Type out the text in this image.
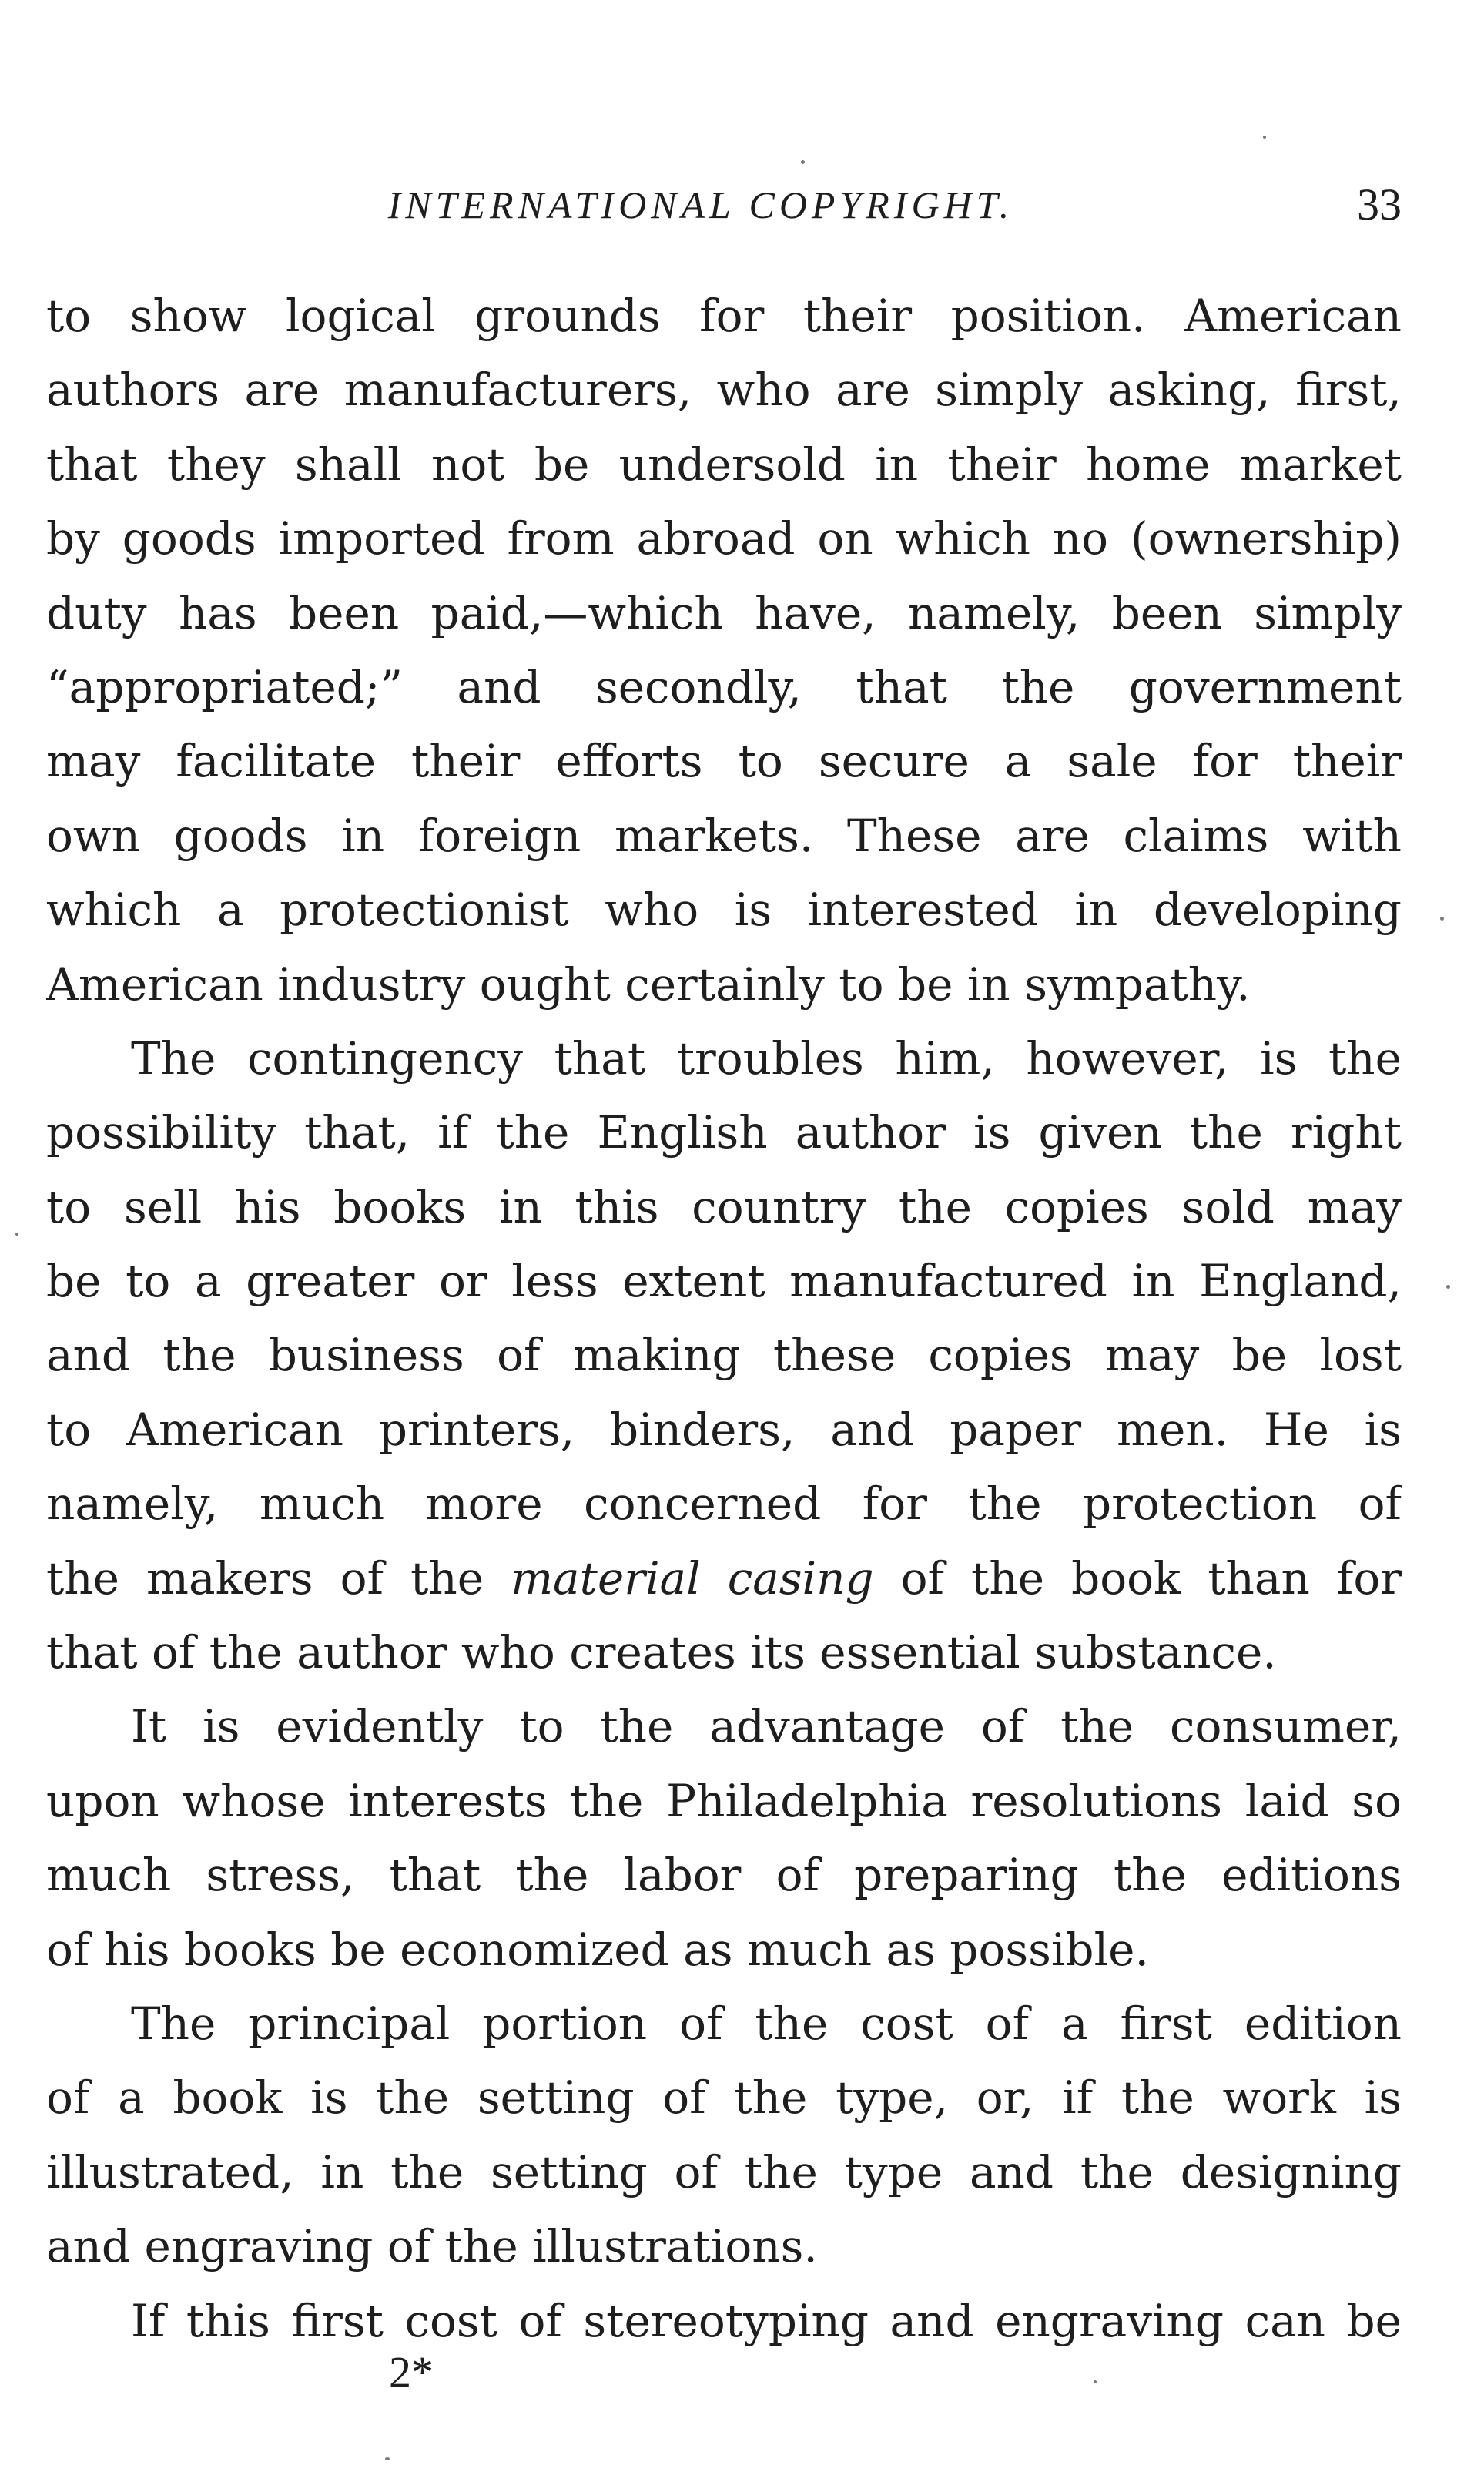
INTERNATIONAL COPYRIGHT.	33
to show logical grounds for their position. American
authors are manufacturers, who are simply asking, first,
that they shall not be undersold in their home market
by goods imported from abroad on which no (ownership)
duty has been paid,—which have, namely, been simply
“appropriated;” and secondly, that the government
may facilitate their efforts to secure a sale for their
own goods in foreign markets. These are claims with
which a protectionist who is interested in developing
American industry ought certainly to be in sympathy.
The contingency that troubles him, however, is the
possibility that, if the English author is given the right
to sell his books in this country the copies sold may
be to a greater or less extent manufactured in England,
and the business of making these copies may be lost
to American printers, binders, and paper men. He is
namely, much more concerned for the protection of
the makers of the material casing of the book than for
that of the author who creates its essential substance.
It is evidently to the advantage of the consumer,
upon whose interests the Philadelphia resolutions laid so
much stress, that the labor of preparing the editions
of his books be economized as much as possible.
The principal portion of the cost of a first edition
of a book is the setting of the type, or, if the work is
illustrated, in the setting of the type and the designing
and engraving of the illustrations.
If this first cost of stereotyping and engraving can be
2*
